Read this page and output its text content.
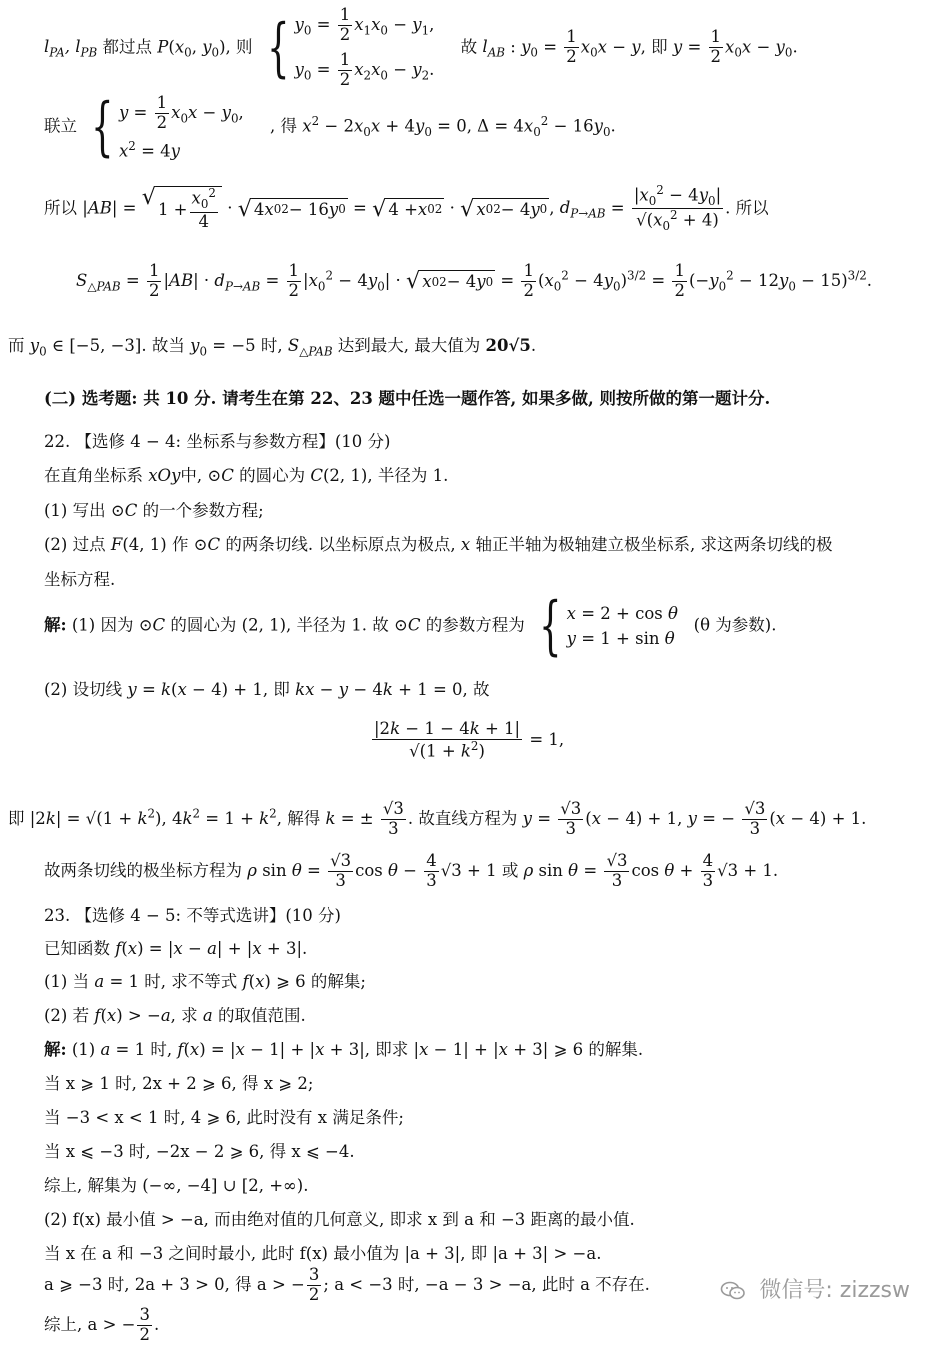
$l_{PA}$, $l_{PB}$ 都过点 $P(x_0$, $y_0$), 则 { $y_0 = \frac{1}{2} x_1x_0 - y_1$,
$y_0 = \frac{1}{2} x_2x_0 - y_2$.
故 $l_{AB}$ : $y_0 = \frac{1}{2} x_0x - y$, 即 $y = \frac{1}{2} x_0x - y_0$.
联立 { $y = \frac{1}{2} x_0x - y_0$,
$x^2 = 4y$
, 得 $x^2 - 2x_0x + 4y_0 = 0$, $\Delta = 4x_0^2 - 16y_0$.
所以 |AB| = √ $1 + \frac{x_0^2}{4}$ · √ 4 x 0 2 − 16 y 0 = √ 4 + x 0 2 · √ x 0 2 − 4 y 0 , $d_{P\to AB} = \frac{|x_0^2 - 4y_0|}{√(x_0^2 + 4)}$ . 所以
$S_{\triangle PAB} = \frac{1}{2} |AB| \cdot d_{P\to AB} = \frac{1}{2} |x_0^2 - 4y_0|$ · √ x 0 2 − 4 y $0 = \frac{1}{2} (x_0^2 - 4y_0)^{3/2} = \frac{1}{2} (-y_0^2 - 12y_0 - 15)^{3/2}$.
而 $y_0$ ∈ [−5, −3]. 故当 $y_0 = -5$ 时, $S_{\triangle PAB}$ 达到最大, 最大值为 20√5.
(二) 选考题: 共 10 分. 请考生在第 22、23 题中任选一题作答, 如果多做, 则按所做的第一题计分.
22. 【选修 4 − 4: 坐标系与参数方程】(10 分)
在直角坐标系 xOy中, ⊙C 的圆心为 C(2, 1), 半径为 1.
(1) 写出 ⊙C 的一个参数方程;
(2) 过点 F(4, 1) 作 ⊙C 的两条切线. 以坐标原点为极点, x 轴正半轴为极轴建立极坐标系, 求这两条切线的极
坐标方程.
解: (1) 因为 ⊙C 的圆心为 (2, 1), 半径为 1. 故 ⊙C 的参数方程为 { x = 2 + cos θ
y = 1 + sin θ
(θ 为参数).
(2) 设切线 y = k(x − 4) + 1, 即 kx − y − 4k + 1 = 0, 故
$\frac{|2k - 1 - 4k + 1|}{√(1 + k^2)} = 1$,
即 $|2k| = √(1 + k^2)$, $4k^2 = 1 + k^2$, 解得 k = ± $\frac{√3}{3}$ . 故直线方程为 $y = \frac{√3}{3} (x - 4) + 1$, y = − $\frac{√3}{3} (x - 4) + 1$.
故两条切线的极坐标方程为 ρ $\sin \theta = \frac{√3}{3}$ $\cos \theta - \frac{4}{3} √3 + 1$ 或 ρ $\sin \theta = \frac{√3}{3}$ $\cos \theta + \frac{4}{3} √3 + 1$.
23. 【选修 4 − 5: 不等式选讲】(10 分)
已知函数 f(x) = |x − a| + |x + 3|.
(1) 当 a = 1 时, 求不等式 f(x) ⩾ 6 的解集;
(2) 若 f(x) > −a, 求 a 的取值范围.
解: (1) a = 1 时, f(x) = |x − 1| + |x + 3|, 即求 |x − 1| + |x + 3| ⩾ 6 的解集.
当 x ⩾ 1 时, 2x + 2 ⩾ 6, 得 x ⩾ 2;
当 −3 < x < 1 时, 4 ⩾ 6, 此时没有 x 满足条件;
当 x ⩽ −3 时, −2x − 2 ⩾ 6, 得 x ⩽ −4.
综上, 解集为 (−∞, −4] ∪ [2, +∞).
(2) f(x) 最小值 > −a, 而由绝对值的几何意义, 即求 x 到 a 和 −3 距离的最小值.
当 x 在 a 和 −3 之间时最小, 此时 f(x) 最小值为 |a + 3|, 即 |a + 3| > −a.
a ⩾ −3 时, 2a + 3 > 0, 得 a > − $\frac{3}{2}$ ; a < −3 时, −a − 3 > −a, 此时 a 不存在.
综上, a > − $\frac{3}{2}$ .
微信号: zizzsw
